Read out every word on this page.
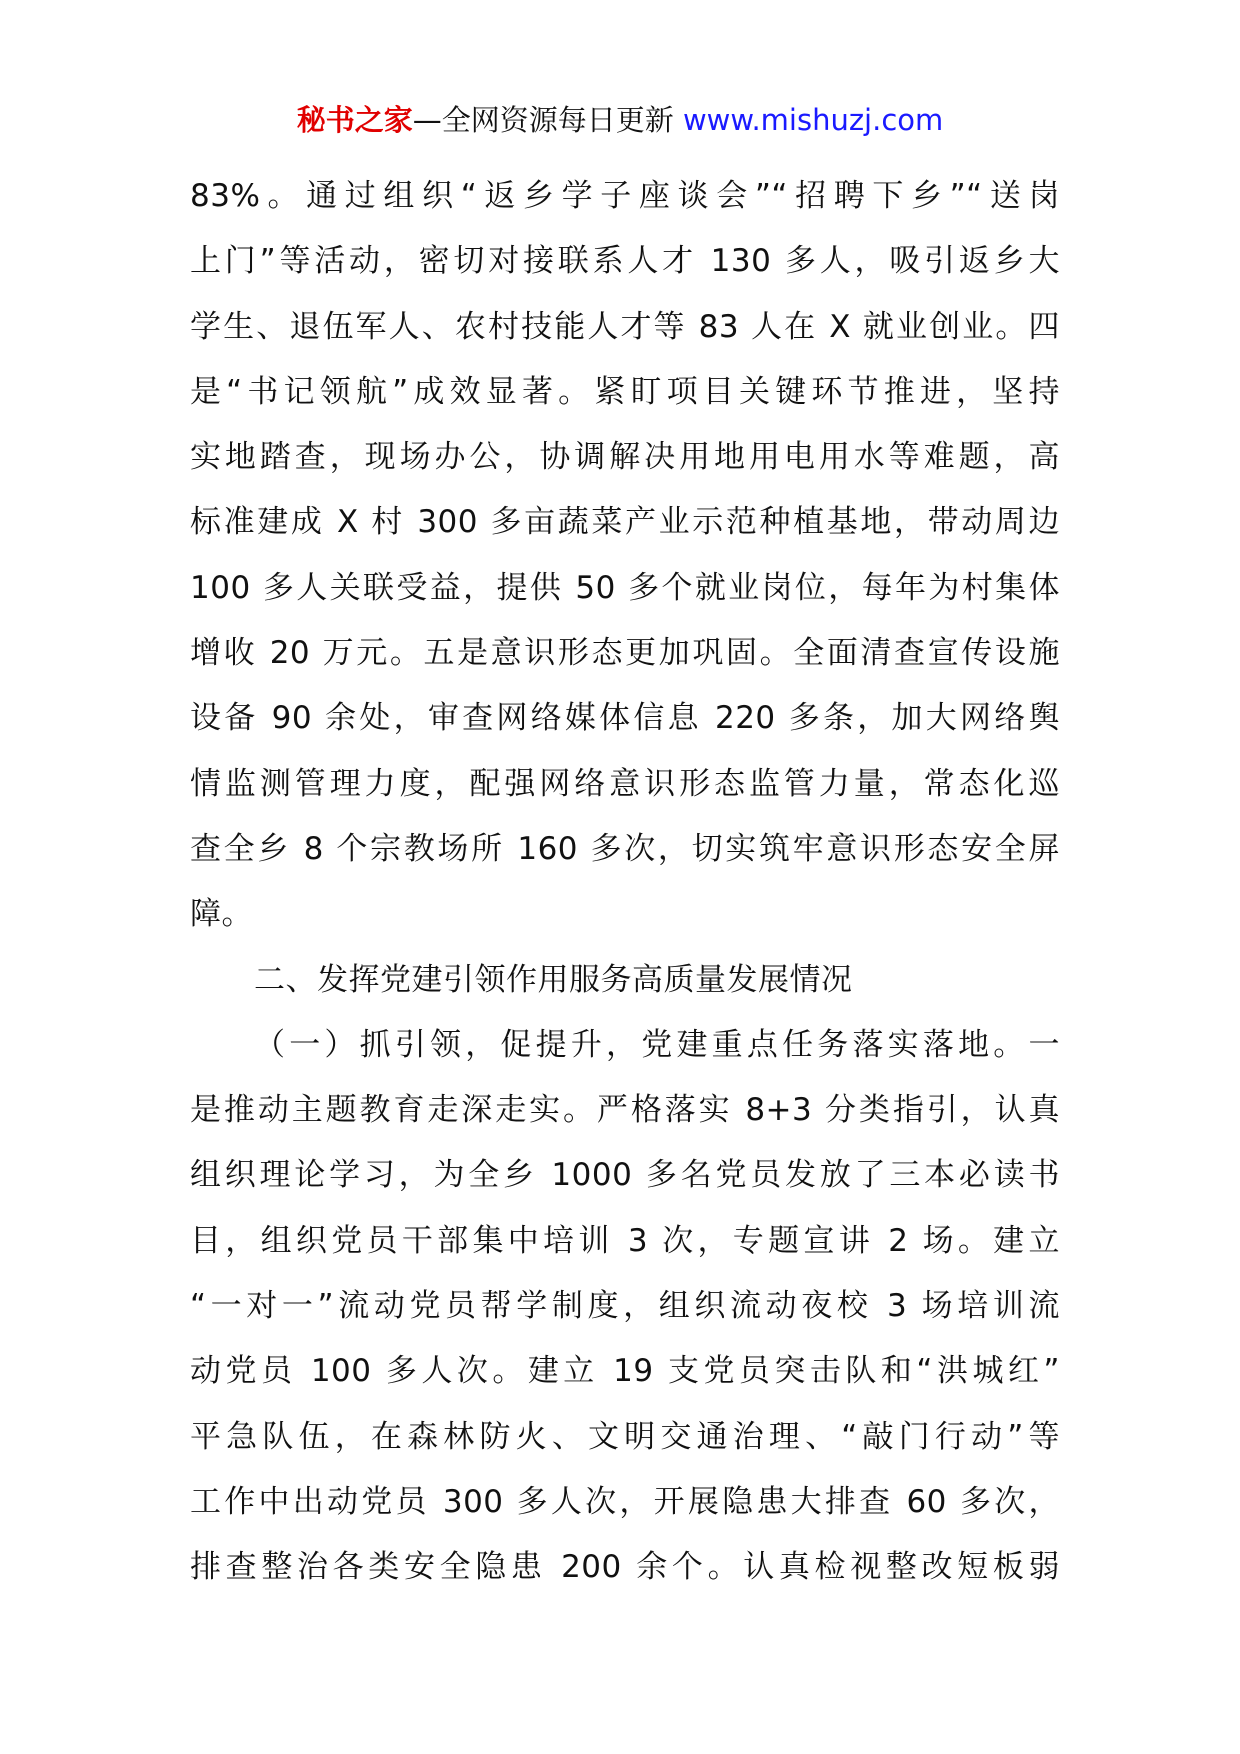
秘书之家—全网资源每日更新 www.mishuzj.com
83%。通过组织“返乡学子座谈会”“招聘下乡”“送岗
上门”等活动，密切对接联系人才 130 多人，吸引返乡大
学生、退伍军人、农村技能人才等 83 人在 X 就业创业。四
是“书记领航”成效显著。紧盯项目关键环节推进，坚持
实地踏查，现场办公，协调解决用地用电用水等难题，高
标准建成 X 村 300 多亩蔬菜产业示范种植基地，带动周边
100 多人关联受益，提供 50 多个就业岗位，每年为村集体
增收 20 万元。五是意识形态更加巩固。全面清查宣传设施
设备 90 余处，审查网络媒体信息 220 多条，加大网络舆
情监测管理力度，配强网络意识形态监管力量，常态化巡
查全乡 8 个宗教场所 160 多次，切实筑牢意识形态安全屏
障。
二、发挥党建引领作用服务高质量发展情况
（一）抓引领，促提升，党建重点任务落实落地。一
是推动主题教育走深走实。严格落实 8+3 分类指引，认真
组织理论学习，为全乡 1000 多名党员发放了三本必读书
目，组织党员干部集中培训 3 次，专题宣讲 2 场。建立
“一对一”流动党员帮学制度，组织流动夜校 3 场培训流
动党员 100 多人次。建立 19 支党员突击队和“洪城红”
平急队伍，在森林防火、文明交通治理、“敲门行动”等
工作中出动党员 300 多人次，开展隐患大排查 60 多次，
排查整治各类安全隐患 200 余个。认真检视整改短板弱
